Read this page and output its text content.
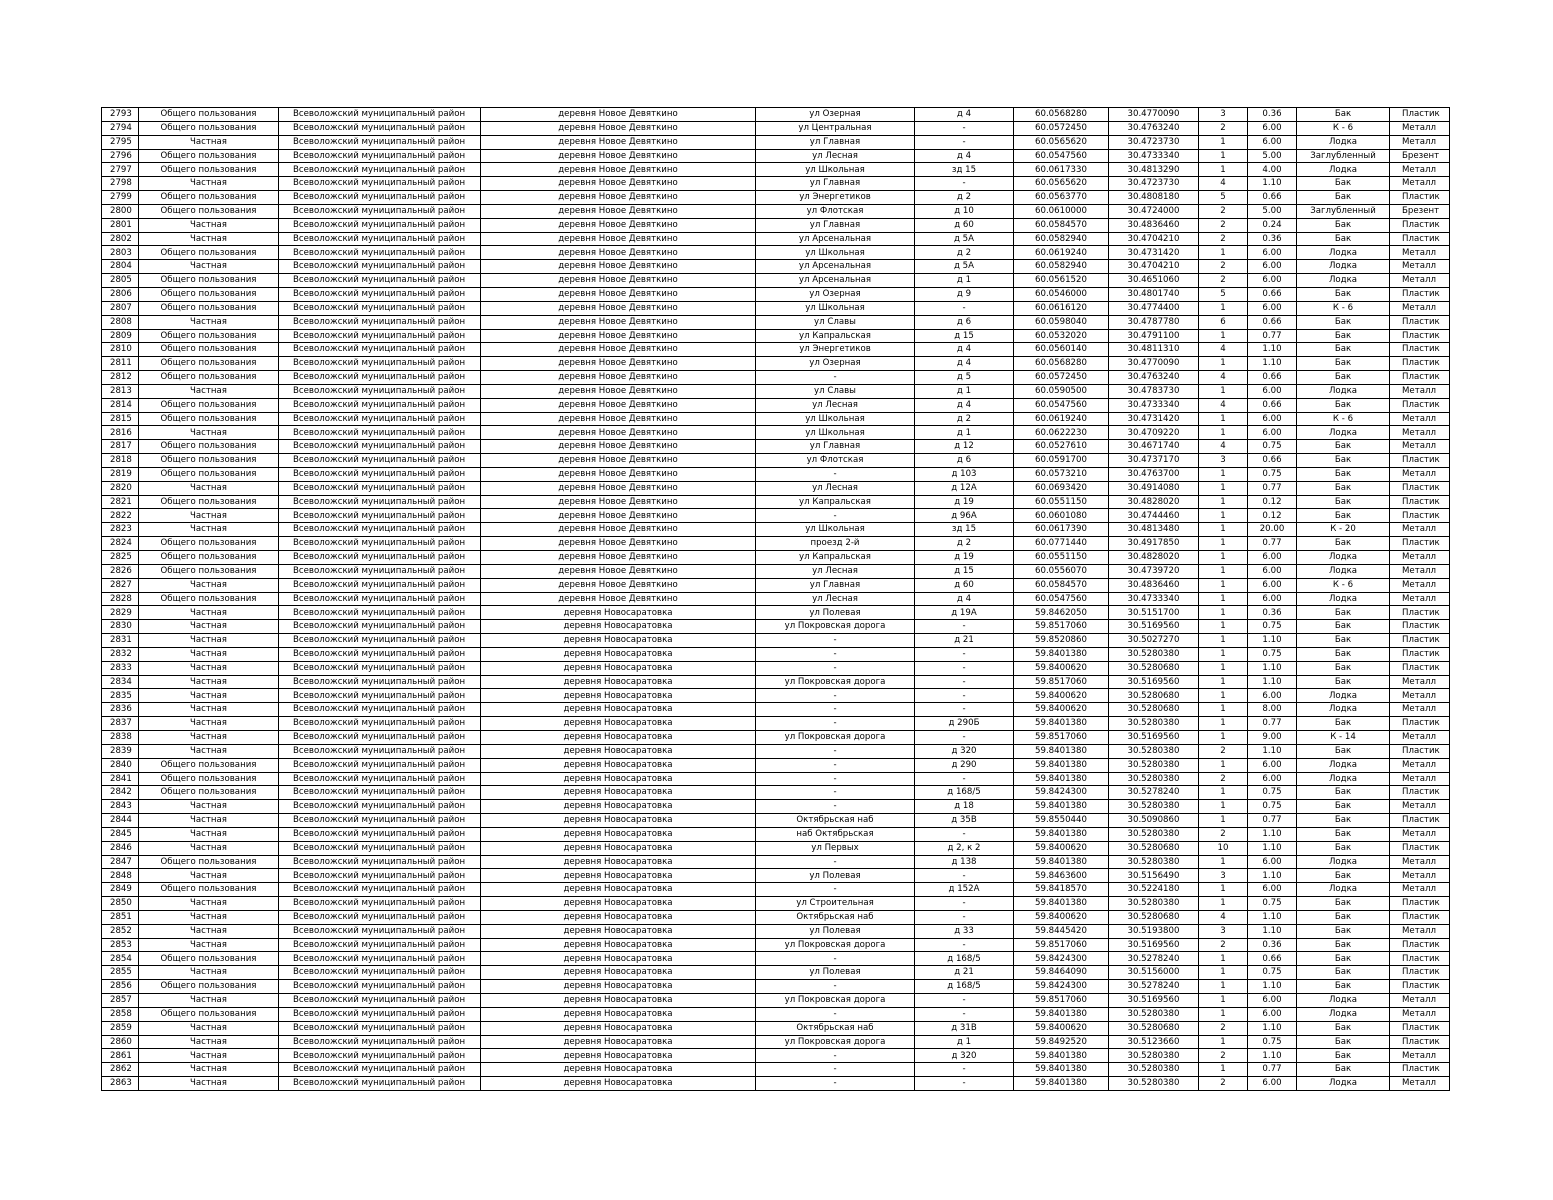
2793	Общего пользования	Всеволожский муниципальный район	деревня Новое Девяткино	ул Озерная	д 4	60.0568280	30.4770090	3	0.36	Бак	Пластик
2794	Общего пользования	Всеволожский муниципальный район	деревня Новое Девяткино	ул Центральная	-	60.0572450	30.4763240	2	6.00	К - 6	Металл
2795	Частная	Всеволожский муниципальный район	деревня Новое Девяткино	ул Главная	-	60.0565620	30.4723730	1	6.00	Лодка	Металл
2796	Общего пользования	Всеволожский муниципальный район	деревня Новое Девяткино	ул Лесная	д 4	60.0547560	30.4733340	1	5.00	Заглубленный	Брезент
2797	Общего пользования	Всеволожский муниципальный район	деревня Новое Девяткино	ул Школьная	зд 15	60.0617330	30.4813290	1	4.00	Лодка	Металл
2798	Частная	Всеволожский муниципальный район	деревня Новое Девяткино	ул Главная	-	60.0565620	30.4723730	4	1.10	Бак	Металл
2799	Общего пользования	Всеволожский муниципальный район	деревня Новое Девяткино	ул Энергетиков	д 2	60.0563770	30.4808180	5	0.66	Бак	Пластик
2800	Общего пользования	Всеволожский муниципальный район	деревня Новое Девяткино	ул Флотская	д 10	60.0610000	30.4724000	2	5.00	Заглубленный	Брезент
2801	Частная	Всеволожский муниципальный район	деревня Новое Девяткино	ул Главная	д 60	60.0584570	30.4836460	2	0.24	Бак	Пластик
2802	Частная	Всеволожский муниципальный район	деревня Новое Девяткино	ул Арсенальная	д 5А	60.0582940	30.4704210	2	0.36	Бак	Пластик
2803	Общего пользования	Всеволожский муниципальный район	деревня Новое Девяткино	ул Школьная	д 2	60.0619240	30.4731420	1	6.00	Лодка	Металл
2804	Частная	Всеволожский муниципальный район	деревня Новое Девяткино	ул Арсенальная	д 5А	60.0582940	30.4704210	2	6.00	Лодка	Металл
2805	Общего пользования	Всеволожский муниципальный район	деревня Новое Девяткино	ул Арсенальная	д 1	60.0561520	30.4651060	2	6.00	Лодка	Металл
2806	Общего пользования	Всеволожский муниципальный район	деревня Новое Девяткино	ул Озерная	д 9	60.0546000	30.4801740	5	0.66	Бак	Пластик
2807	Общего пользования	Всеволожский муниципальный район	деревня Новое Девяткино	ул Школьная	-	60.0616120	30.4774400	1	6.00	К - 6	Металл
2808	Частная	Всеволожский муниципальный район	деревня Новое Девяткино	ул Славы	д 6	60.0598040	30.4787780	6	0.66	Бак	Пластик
2809	Общего пользования	Всеволожский муниципальный район	деревня Новое Девяткино	ул Капральская	д 15	60.0532020	30.4791100	1	0.77	Бак	Пластик
2810	Общего пользования	Всеволожский муниципальный район	деревня Новое Девяткино	ул Энергетиков	д 4	60.0560140	30.4811310	4	1.10	Бак	Пластик
2811	Общего пользования	Всеволожский муниципальный район	деревня Новое Девяткино	ул Озерная	д 4	60.0568280	30.4770090	1	1.10	Бак	Пластик
2812	Общего пользования	Всеволожский муниципальный район	деревня Новое Девяткино	-	д 5	60.0572450	30.4763240	4	0.66	Бак	Пластик
2813	Частная	Всеволожский муниципальный район	деревня Новое Девяткино	ул Славы	д 1	60.0590500	30.4783730	1	6.00	Лодка	Металл
2814	Общего пользования	Всеволожский муниципальный район	деревня Новое Девяткино	ул Лесная	д 4	60.0547560	30.4733340	4	0.66	Бак	Пластик
2815	Общего пользования	Всеволожский муниципальный район	деревня Новое Девяткино	ул Школьная	д 2	60.0619240	30.4731420	1	6.00	К - 6	Металл
2816	Частная	Всеволожский муниципальный район	деревня Новое Девяткино	ул Школьная	д 1	60.0622230	30.4709220	1	6.00	Лодка	Металл
2817	Общего пользования	Всеволожский муниципальный район	деревня Новое Девяткино	ул Главная	д 12	60.0527610	30.4671740	4	0.75	Бак	Металл
2818	Общего пользования	Всеволожский муниципальный район	деревня Новое Девяткино	ул Флотская	д 6	60.0591700	30.4737170	3	0.66	Бак	Пластик
2819	Общего пользования	Всеволожский муниципальный район	деревня Новое Девяткино	-	д 103	60.0573210	30.4763700	1	0.75	Бак	Металл
2820	Частная	Всеволожский муниципальный район	деревня Новое Девяткино	ул Лесная	д 12А	60.0693420	30.4914080	1	0.77	Бак	Пластик
2821	Общего пользования	Всеволожский муниципальный район	деревня Новое Девяткино	ул Капральская	д 19	60.0551150	30.4828020	1	0.12	Бак	Пластик
2822	Частная	Всеволожский муниципальный район	деревня Новое Девяткино	-	д 96А	60.0601080	30.4744460	1	0.12	Бак	Пластик
2823	Частная	Всеволожский муниципальный район	деревня Новое Девяткино	ул Школьная	зд 15	60.0617390	30.4813480	1	20.00	К - 20	Металл
2824	Общего пользования	Всеволожский муниципальный район	деревня Новое Девяткино	проезд 2-й	д 2	60.0771440	30.4917850	1	0.77	Бак	Пластик
2825	Общего пользования	Всеволожский муниципальный район	деревня Новое Девяткино	ул Капральская	д 19	60.0551150	30.4828020	1	6.00	Лодка	Металл
2826	Общего пользования	Всеволожский муниципальный район	деревня Новое Девяткино	ул Лесная	д 15	60.0556070	30.4739720	1	6.00	Лодка	Металл
2827	Частная	Всеволожский муниципальный район	деревня Новое Девяткино	ул Главная	д 60	60.0584570	30.4836460	1	6.00	К - 6	Металл
2828	Общего пользования	Всеволожский муниципальный район	деревня Новое Девяткино	ул Лесная	д 4	60.0547560	30.4733340	1	6.00	Лодка	Металл
2829	Частная	Всеволожский муниципальный район	деревня Новосаратовка	ул Полевая	д 19А	59.8462050	30.5151700	1	0.36	Бак	Пластик
2830	Частная	Всеволожский муниципальный район	деревня Новосаратовка	ул Покровская дорога	-	59.8517060	30.5169560	1	0.75	Бак	Пластик
2831	Частная	Всеволожский муниципальный район	деревня Новосаратовка	-	д 21	59.8520860	30.5027270	1	1.10	Бак	Пластик
2832	Частная	Всеволожский муниципальный район	деревня Новосаратовка	-	-	59.8401380	30.5280380	1	0.75	Бак	Пластик
2833	Частная	Всеволожский муниципальный район	деревня Новосаратовка	-	-	59.8400620	30.5280680	1	1.10	Бак	Пластик
2834	Частная	Всеволожский муниципальный район	деревня Новосаратовка	ул Покровская дорога	-	59.8517060	30.5169560	1	1.10	Бак	Металл
2835	Частная	Всеволожский муниципальный район	деревня Новосаратовка	-	-	59.8400620	30.5280680	1	6.00	Лодка	Металл
2836	Частная	Всеволожский муниципальный район	деревня Новосаратовка	-	-	59.8400620	30.5280680	1	8.00	Лодка	Металл
2837	Частная	Всеволожский муниципальный район	деревня Новосаратовка	-	д 290Б	59.8401380	30.5280380	1	0.77	Бак	Пластик
2838	Частная	Всеволожский муниципальный район	деревня Новосаратовка	ул Покровская дорога	-	59.8517060	30.5169560	1	9.00	К - 14	Металл
2839	Частная	Всеволожский муниципальный район	деревня Новосаратовка	-	д 320	59.8401380	30.5280380	2	1.10	Бак	Пластик
2840	Общего пользования	Всеволожский муниципальный район	деревня Новосаратовка	-	д 290	59.8401380	30.5280380	1	6.00	Лодка	Металл
2841	Общего пользования	Всеволожский муниципальный район	деревня Новосаратовка	-	-	59.8401380	30.5280380	2	6.00	Лодка	Металл
2842	Общего пользования	Всеволожский муниципальный район	деревня Новосаратовка	-	д 168/5	59.8424300	30.5278240	1	0.75	Бак	Пластик
2843	Частная	Всеволожский муниципальный район	деревня Новосаратовка	-	д 18	59.8401380	30.5280380	1	0.75	Бак	Металл
2844	Частная	Всеволожский муниципальный район	деревня Новосаратовка	Октябрьская наб	д 35В	59.8550440	30.5090860	1	0.77	Бак	Пластик
2845	Частная	Всеволожский муниципальный район	деревня Новосаратовка	наб Октябрьская	-	59.8401380	30.5280380	2	1.10	Бак	Металл
2846	Частная	Всеволожский муниципальный район	деревня Новосаратовка	ул Первых	д 2, к 2	59.8400620	30.5280680	10	1.10	Бак	Пластик
2847	Общего пользования	Всеволожский муниципальный район	деревня Новосаратовка	-	д 138	59.8401380	30.5280380	1	6.00	Лодка	Металл
2848	Частная	Всеволожский муниципальный район	деревня Новосаратовка	ул Полевая	-	59.8463600	30.5156490	3	1.10	Бак	Металл
2849	Общего пользования	Всеволожский муниципальный район	деревня Новосаратовка	-	д 152А	59.8418570	30.5224180	1	6.00	Лодка	Металл
2850	Частная	Всеволожский муниципальный район	деревня Новосаратовка	ул Строительная	-	59.8401380	30.5280380	1	0.75	Бак	Пластик
2851	Частная	Всеволожский муниципальный район	деревня Новосаратовка	Октябрьская наб	-	59.8400620	30.5280680	4	1.10	Бак	Пластик
2852	Частная	Всеволожский муниципальный район	деревня Новосаратовка	ул Полевая	д 33	59.8445420	30.5193800	3	1.10	Бак	Металл
2853	Частная	Всеволожский муниципальный район	деревня Новосаратовка	ул Покровская дорога	-	59.8517060	30.5169560	2	0.36	Бак	Пластик
2854	Общего пользования	Всеволожский муниципальный район	деревня Новосаратовка	-	д 168/5	59.8424300	30.5278240	1	0.66	Бак	Пластик
2855	Частная	Всеволожский муниципальный район	деревня Новосаратовка	ул Полевая	д 21	59.8464090	30.5156000	1	0.75	Бак	Пластик
2856	Общего пользования	Всеволожский муниципальный район	деревня Новосаратовка	-	д 168/5	59.8424300	30.5278240	1	1.10	Бак	Пластик
2857	Частная	Всеволожский муниципальный район	деревня Новосаратовка	ул Покровская дорога	-	59.8517060	30.5169560	1	6.00	Лодка	Металл
2858	Общего пользования	Всеволожский муниципальный район	деревня Новосаратовка	-	-	59.8401380	30.5280380	1	6.00	Лодка	Металл
2859	Частная	Всеволожский муниципальный район	деревня Новосаратовка	Октябрьская наб	д 31В	59.8400620	30.5280680	2	1.10	Бак	Пластик
2860	Частная	Всеволожский муниципальный район	деревня Новосаратовка	ул Покровская дорога	д 1	59.8492520	30.5123660	1	0.75	Бак	Пластик
2861	Частная	Всеволожский муниципальный район	деревня Новосаратовка	-	д 320	59.8401380	30.5280380	2	1.10	Бак	Металл
2862	Частная	Всеволожский муниципальный район	деревня Новосаратовка	-	-	59.8401380	30.5280380	1	0.77	Бак	Пластик
2863	Частная	Всеволожский муниципальный район	деревня Новосаратовка	-	-	59.8401380	30.5280380	2	6.00	Лодка	Металл
